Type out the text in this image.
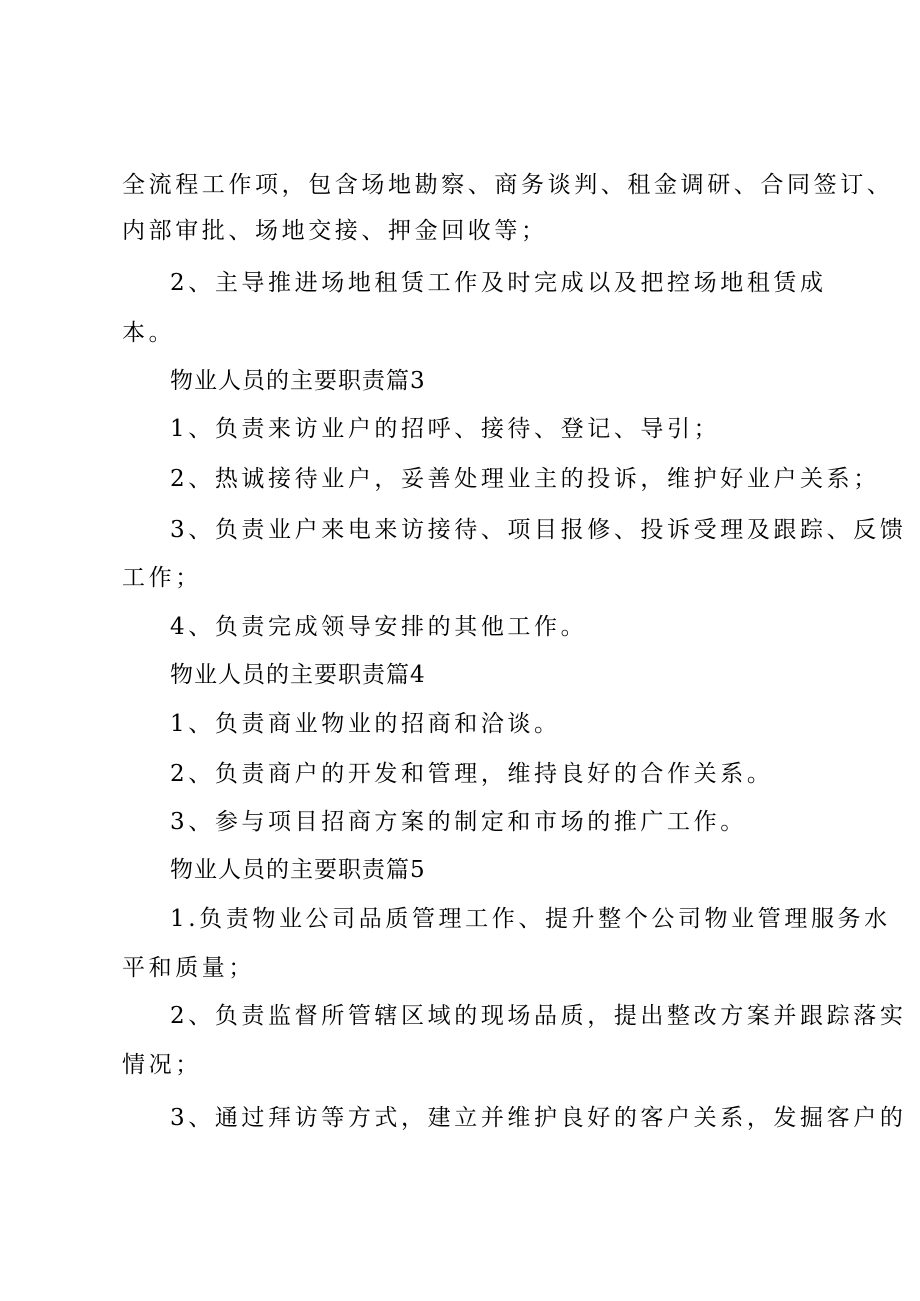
全流程工作项，包含场地勘察、商务谈判、租金调研、合同签订、
内部审批、场地交接、押金回收等；
2、主导推进场地租赁工作及时完成以及把控场地租赁成
本。
物业人员的主要职责篇3
1、负责来访业户的招呼、接待、登记、导引；
2、热诚接待业户，妥善处理业主的投诉，维护好业户关系；
3、负责业户来电来访接待、项目报修、投诉受理及跟踪、反馈
工作；
4、负责完成领导安排的其他工作。
物业人员的主要职责篇4
1、负责商业物业的招商和洽谈。
2、负责商户的开发和管理，维持良好的合作关系。
3、参与项目招商方案的制定和市场的推广工作。
物业人员的主要职责篇5
1.负责物业公司品质管理工作、提升整个公司物业管理服务水
平和质量；
2、负责监督所管辖区域的现场品质，提出整改方案并跟踪落实
情况；
3、通过拜访等方式，建立并维护良好的客户关系，发掘客户的
